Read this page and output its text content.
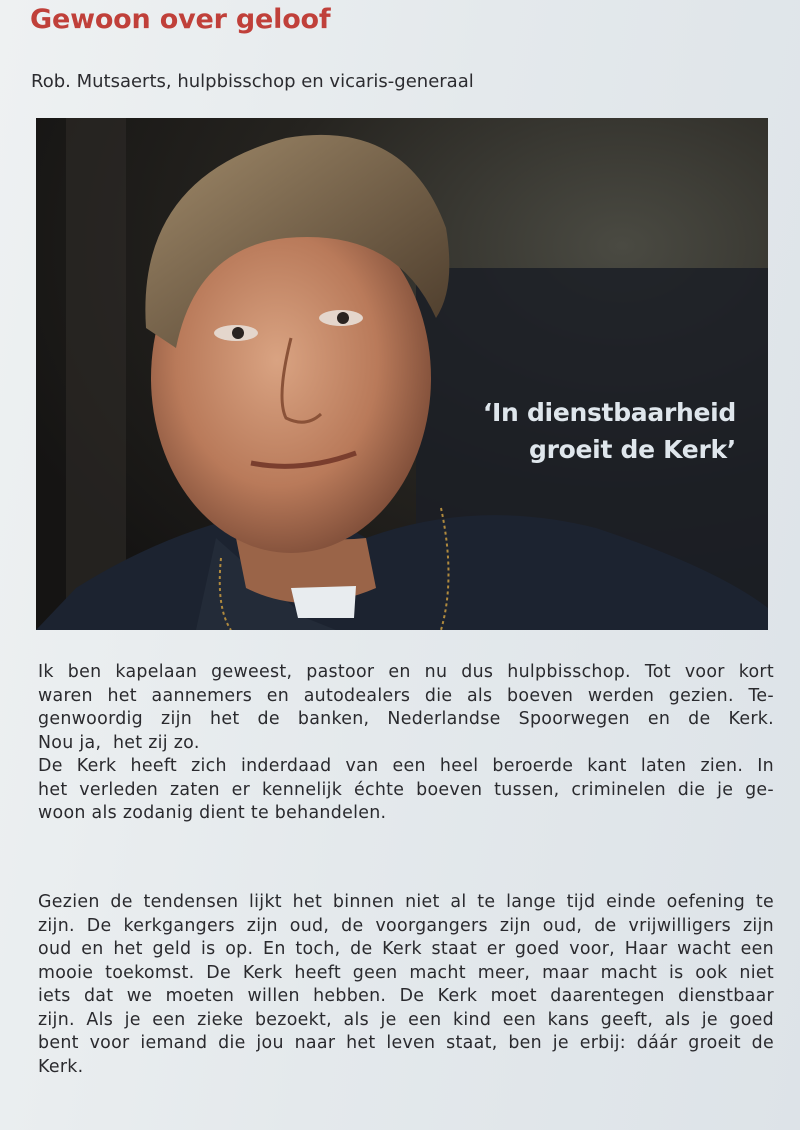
Gewoon over geloof
Rob. Mutsaerts, hulpbisschop en vicaris-generaal
‘In dienstbaarheid
groeit de Kerk’
Ik ben kapelaan geweest, pastoor en nu dus hulpbisschop. Tot voor kort
waren het aannemers en autodealers die als boeven werden gezien. Te-
genwoordig zijn het de banken, Nederlandse Spoorwegen en de Kerk.
Nou ja,  het zij zo.
De Kerk heeft zich inderdaad van een heel beroerde kant laten zien. In
het verleden zaten er kennelijk échte boeven tussen, criminelen die je ge-
woon als zodanig dient te behandelen.
Gezien de tendensen lijkt het binnen niet al te lange tijd einde oefening te
zijn. De kerkgangers zijn oud, de voorgangers zijn oud, de vrijwilligers zijn
oud en het geld is op. En toch, de Kerk staat er goed voor, Haar wacht een
mooie toekomst. De Kerk heeft geen macht meer, maar macht is ook niet
iets dat we moeten willen hebben. De Kerk moet daarentegen dienstbaar
zijn. Als je een zieke bezoekt, als je een kind een kans geeft, als je goed
bent voor iemand die jou naar het leven staat, ben je erbij: dáár groeit de
Kerk.
